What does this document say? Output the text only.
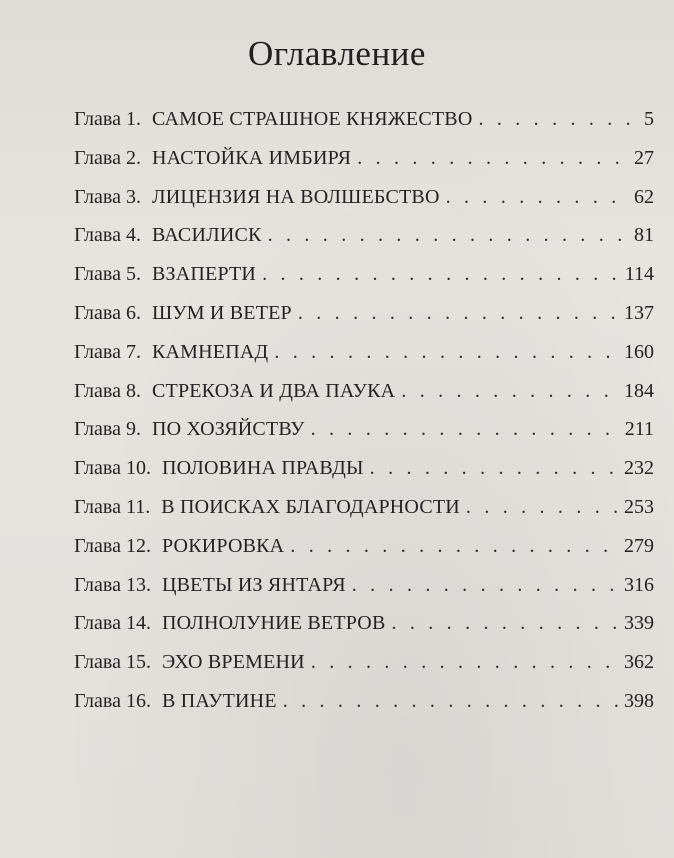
Оглавление
Глава 1. САМОЕ СТРАШНОЕ КНЯЖЕСТВО . . .	5
Глава 2. НАСТОЙКА ИМБИРЯ . . .	27
Глава 3. ЛИЦЕНЗИЯ НА ВОЛШЕБСТВО . . .	62
Глава 4. ВАСИЛИСК . . .	81
Глава 5. ВЗАПЕРТИ . . .	114
Глава 6. ШУМ И ВЕТЕР . . .	137
Глава 7. КАМНЕПАД . . .	160
Глава 8. СТРЕКОЗА И ДВА ПАУКА . . .	184
Глава 9. ПО ХОЗЯЙСТВУ . . .	211
Глава 10. ПОЛОВИНА ПРАВДЫ . . .	232
Глава 11. В ПОИСКАХ БЛАГОДАРНОСТИ . . .	253
Глава 12. РОКИРОВКА . . .	279
Глава 13. ЦВЕТЫ ИЗ ЯНТАРЯ . . .	316
Глава 14. ПОЛНОЛУНИЕ ВЕТРОВ . . .	339
Глава 15. ЭХО ВРЕМЕНИ . . .	362
Глава 16. В ПАУТИНЕ . . .	398
